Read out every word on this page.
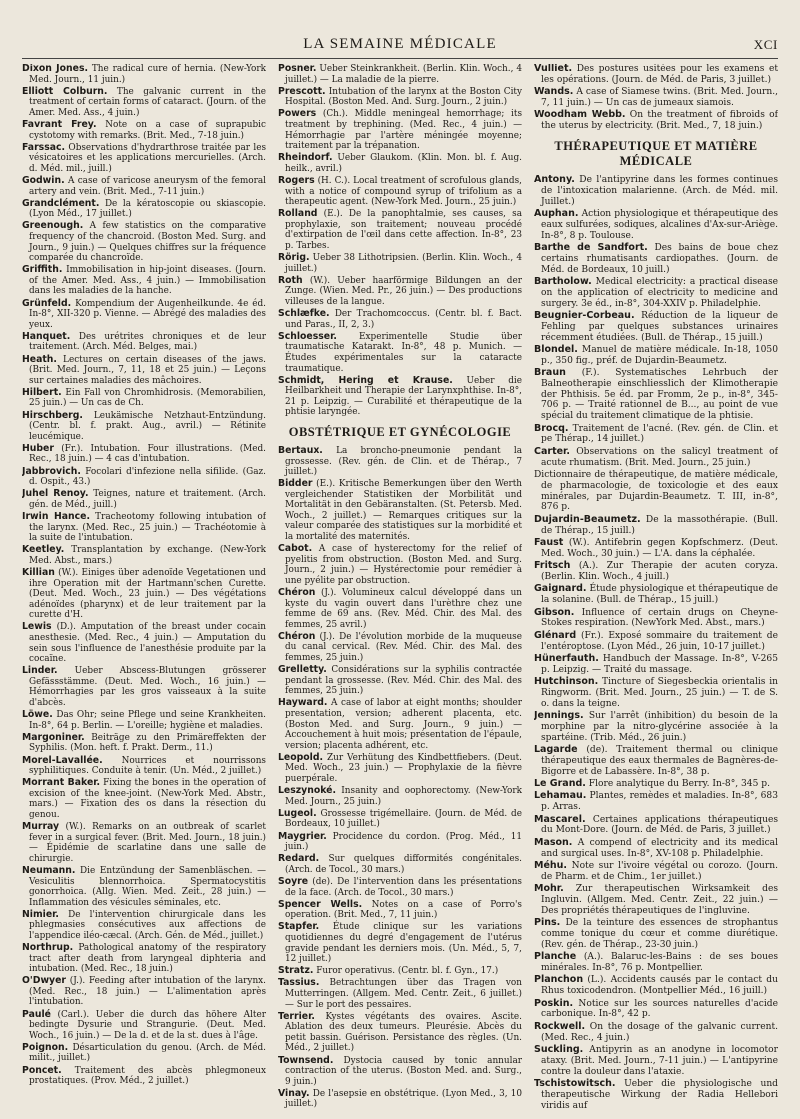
LA SEMAINE MÉDICALE	XCI

Dixon Jones. The radical cure of hernia. (New-York Med. Journ., 11 juin.)

Elliott Colburn. The galvanic current in the treatment of certain forms of cataract. (Journ. of the Amer. Med. Ass., 4 juin.)

Favrant Frey. Note on a case of suprapubic cystotomy with remarks. (Brit. Med., 7-18 juin.)

Farssac. Observations d'hydrarthrose traitée par les vésicatoires et les applications mercurielles. (Arch. d. Méd. mil., juill.)

Godwin. A case of varicose aneurysm of the femoral artery and vein. (Brit. Med., 7-11 juin.)

Grandclément. De la kératoscopie ou skiascopie. (Lyon Méd., 17 juillet.)

Greenough. A few statistics on the comparative frequency of the chancroid. (Boston Med. Surg. and Journ., 9 juin.) — Quelques chiffres sur la fréquence comparée du chancroïde.

Griffith. Immobilisation in hip-joint diseases. (Journ. of the Amer. Med. Ass., 4 juin.) — Immobilisation dans les maladies de la hanche.

Grünfeld. Kompendium der Augenheilkunde. 4e éd. In-8°, XII-320 p. Vienne. — Abrégé des maladies des yeux.

Hanquet. Des urétrites chroniques et de leur traitement. (Arch. Méd. Belges, mai.)

Heath. Lectures on certain diseases of the jaws. (Brit. Med. Journ., 7, 11, 18 et 25 juin.) — Leçons sur certaines maladies des mâchoires.

Hilbert. Ein Fall von Chromhidrosis. (Memorabilien, 25 juin.) — Un cas de Ch.

Hirschberg. Leukämische Netzhaut-Entzündung. (Centr. bl. f. prakt. Aug., avril.) — Rétinite leucémique.

Huber (Fr.). Intubation. Four illustrations. (Med. Rec., 18 juin.) — 4 cas d'intubation.

Jabbrovich. Focolari d'infezione nella sifilide. (Gaz. d. Ospit., 43.)

Juhel Renoy. Teignes, nature et traitement. (Arch. gén. de Méd., juill.)

Irwin Hance. Tracheotomy following intubation of the larynx. (Med. Rec., 25 juin.) — Trachéotomie à la suite de l'intubation.

Keetley. Transplantation by exchange. (New-York Med. Abst., mars.)

Killian (W.). Einiges über adenoïde Vegetationen und ihre Operation mit der Hartmann'schen Curette. (Deut. Med. Woch., 23 juin.) — Des végétations adénoïdes (pharynx) et de leur traitement par la curette d'H.

Lewis (D.). Amputation of the breast under cocain anesthesie. (Med. Rec., 4 juin.) — Amputation du sein sous l'influence de l'anesthésie produite par la cocaïne.

Linder. Ueber Abscess-Blutungen grösserer Gefässstämme. (Deut. Med. Woch., 16 juin.) — Hémorrhagies par les gros vaisseaux à la suite d'abcès.

Löwe. Das Ohr; seine Pflege und seine Krankheiten. In-8°, 64 p. Berlin. — L'oreille; hygiène et maladies.

Margoniner. Beiträge zu den Primäreffekten der Syphilis. (Mon. heft. f. Prakt. Derm., 11.)

Morel-Lavallée. Nourrices et nourrissons syphilitiques. Conduite à tenir. (Un. Méd., 2 juillet.)

Morrant Baker. Fixing the bones in the operation of excision of the knee-joint. (New-York Med. Abstr., mars.) — Fixation des os dans la résection du genou.

Murray (W.). Remarks on an outbreak of scarlet fever in a surgical fever. (Brit. Med. Journ., 18 juin.) — Épidémie de scarlatine dans une salle de chirurgie.

Neumann. Die Entzündung der Samenbläschen. — Vesiculitis blennorrhoica. Spermatocystitis gonorrhoica. (Allg. Wien. Med. Zeit., 28 juin.) — Inflammation des vésicules séminales, etc.

Nimier. De l'intervention chirurgicale dans les phlegmasies consécutives aux affections de l'appendice iléo-cæcal. (Arch. Gén. de Méd., juillet.)

Northrup. Pathological anatomy of the respiratory tract after death from laryngeal diphteria and intubation. (Med. Rec., 18 juin.)

O'Dwyer (J.). Feeding after intubation of the larynx. (Med. Rec., 18 juin.) — L'alimentation après l'intubation.

Paulé (Carl.). Ueber die durch das höhere Alter bedingte Dysurie und Strangurie. (Deut. Med. Woch., 16 juin.) — De la d. et de la st. dues à l'âge.

Poignon. Désarticulation du genou. (Arch. de Méd. milit., juillet.)

Poncet. Traitement des abcès phlegmoneux prostatiques. (Prov. Méd., 2 juillet.)

Posner. Ueber Steinkrankheit. (Berlin. Klin. Woch., 4 juillet.) — La maladie de la pierre.

Prescott. Intubation of the larynx at the Boston City Hospital. (Boston Med. And. Surg. Journ., 2 juin.)

Powers (Ch.). Middle meningeal hemorrhage; its treatment by trephining. (Med. Rec., 4 juin.) — Hémorrhagie par l'artère méningée moyenne; traitement par la trépanation.

Rheindorf. Ueber Glaukom. (Klin. Mon. bl. f. Aug. heilk., avril.)

Rogers (H. C.). Local treatment of scrofulous glands, with a notice of compound syrup of trifolium as a therapeutic agent. (New-York Med. Journ., 25 juin.)

Rolland (E.). De la panophtalmie, ses causes, sa prophylaxie, son traitement; nouveau procédé d'extirpation de l'œil dans cette affection. In-8°, 23 p. Tarbes.

Rörig. Ueber 38 Lithotripsien. (Berlin. Klin. Woch., 4 juillet.)

Roth (W.). Ueber haarförmige Bildungen an der Zunge. (Wien. Med. Pr., 26 juin.) — Des productions villeuses de la langue.

Schlæfke. Der Trachomcoccus. (Centr. bl. f. Bact. und Paras., II, 2, 3.)

Schloesser. Experimentelle Studie über traumatische Katarakt. In-8°, 48 p. Munich. — Études expérimentales sur la cataracte traumatique.

Schmidt, Hering et Krause. Ueber die Heilbarkheit und Therapie der Larynxphthise. In-8°, 21 p. Leipzig. — Curabilité et thérapeutique de la phtisie laryngée.

OBSTÉTRIQUE ET GYNÉCOLOGIE

Bertaux. La broncho-pneumonie pendant la grossesse. (Rev. gén. de Clin. et de Thérap., 7 juillet.)

Bidder (E.). Kritische Bemerkungen über den Werth vergleichender Statistiken der Morbilität und Mortalität in den Gebäranstalten. (St. Petersb. Med. Woch., 2 juillet.) — Remarques critiques sur la valeur comparée des statistiques sur la morbidité et la mortalité des maternités.

Cabot. A case of hysterectomy for the relief of pyelitis from obstruction. (Boston Med. and Surg. Journ., 2 juin.) — Hystérectomie pour remédier à une pyélite par obstruction.

Chéron (J.). Volumineux calcul développé dans un kyste du vagin ouvert dans l'urèthre chez une femme de 69 ans. (Rev. Méd. Chir. des Mal. des femmes, 25 avril.)

Chéron (J.). De l'évolution morbide de la muqueuse du canal cervical. (Rev. Méd. Chir. des Mal. des femmes, 25 juin.)

Grelletty. Considérations sur la syphilis contractée pendant la grossesse. (Rev. Méd. Chir. des Mal. des femmes, 25 juin.)

Hayward. A case of labor at eight months; shoulder presentation, version; adherent placenta, etc. (Boston Med. and Surg. Journ., 9 juin.) — Accouchement à huit mois; présentation de l'épaule, version; placenta adhérent, etc.

Leopold. Zur Verhütung des Kindbettfiebers. (Deut. Med. Woch., 23 juin.) — Prophylaxie de la fièvre puerpérale.

Leszynoké. Insanity and oophorectomy. (New-York Med. Journ., 25 juin.)

Lugeol. Grossesse trigémellaire. (Journ. de Méd. de Bordeaux, 10 juillet.)

Maygrier. Procidence du cordon. (Prog. Méd., 11 juin.)

Redard. Sur quelques difformités congénitales. (Arch. de Tocol., 30 mars.)

Soyre (de). De l'intervention dans les présentations de la face. (Arch. de Tocol., 30 mars.)

Spencer Wells. Notes on a case of Porro's operation. (Brit. Med., 7, 11 juin.)

Stapfer. Étude clinique sur les variations quotidiennes du degré d'engagement de l'utérus gravide pendant les derniers mois. (Un. Méd., 5, 7, 12 juillet.)

Stratz. Furor operativus. (Centr. bl. f. Gyn., 17.)

Tassius. Betrachtungen über das Tragen von Mutterringen. (Allgem. Med. Centr. Zeit., 6 juillet.) — Sur le port des pessaires.

Terrier. Kystes végétants des ovaires. Ascite. Ablation des deux tumeurs. Pleurésie. Abcès du petit bassin. Guérison. Persistance des règles. (Un. Méd., 2 juillet.)

Townsend. Dystocia caused by tonic annular contraction of the uterus. (Boston Med. and. Surg., 9 juin.)

Vinay. De l'asepsie en obstétrique. (Lyon Med., 3, 10 juillet.)

Vulliet. Des postures usitées pour les examens et les opérations. (Journ. de Méd. de Paris, 3 juillet.)

Wands. A case of Siamese twins. (Brit. Med. Journ., 7, 11 juin.) — Un cas de jumeaux siamois.

Woodham Webb. On the treatment of fibroids of the uterus by electricity. (Brit. Med., 7, 18 juin.)

THÉRAPEUTIQUE ET MATIÈRE MÉDICALE

Antony. De l'antipyrine dans les formes continues de l'intoxication malarienne. (Arch. de Méd. mil. Juillet.)

Auphan. Action physiologique et thérapeutique des eaux sulfurées, sodiques, alcalines d'Ax-sur-Ariège. In-8°, 8 p. Toulouse.

Barthe de Sandfort. Des bains de boue chez certains rhumatisants cardiopathes. (Journ. de Méd. de Bordeaux, 10 juill.)

Bartholow. Medical electricity: a practical disease on the application of electricity to medicine and surgery. 3e éd., in-8°, 304-XXIV p. Philadelphie.

Beugnier-Corbeau. Réduction de la liqueur de Fehling par quelques substances urinaires récemment étudiées. (Bull. de Thérap., 15 juill.)

Blondel. Manuel de matière médicale. In-18, 1050 p., 350 fig., préf. de Dujardin-Beaumetz.

Braun (F.). Systematisches Lehrbuch der Balneotherapie einschliesslich der Klimotherapie der Phthisis. 5e éd. par Fromm, 2e p., in-8°, 345-706 p. — Traité rationnel de B..., au point de vue spécial du traitement climatique de la phtisie.

Brocq. Traitement de l'acné. (Rev. gén. de Clin. et pe Thérap., 14 juillet.)

Carter. Observations on the salicyl treatment of acute rhumatism. (Brit. Med. Journ., 25 juin.)

Dictionnaire de thérapeutique, de matière médicale, de pharmacologie, de toxicologie et des eaux minérales, par Dujardin-Beaumetz. T. III, in-8°, 876 p.

Dujardin-Beaumetz. De la massothérapie. (Bull. de Thérap., 15 juill.)

Faust (W.). Antifebrin gegen Kopfschmerz. (Deut. Med. Woch., 30 juin.) — L'A. dans la céphalée.

Fritsch (A.). Zur Therapie der acuten coryza. (Berlin. Klin. Woch., 4 juill.)

Gaignard. Étude physiologique et thérapeutique de la solanine. (Bull. de Thérap., 15 juill.)

Gibson. Influence of certain drugs on Cheyne-Stokes respiration. (NewYork Med. Abst., mars.)

Glénard (Fr.). Exposé sommaire du traitement de l'entéroptose. (Lyon Méd., 26 juin, 10-17 juillet.)

Hünerfauth. Handbuch der Massage. In-8°, V-265 p. Leipzig. — Traité du massage.

Hutchinson. Tincture of Siegesbeckia orientalis in Ringworm. (Brit. Med. Journ., 25 juin.) — T. de S. o. dans la teigne.

Jennings. Sur l'arrêt (inhibition) du besoin de la morphine par la nitro-glycérine associée à la spartéine. (Trib. Méd., 26 juin.)

Lagarde (de). Traitement thermal ou clinique thérapeutique des eaux thermales de Bagnères-de-Bigorre et de Labassère. In-8°, 38 p.

Le Grand. Flore analytique du Berry. In-8°, 345 p.

Lehamau. Plantes, remèdes et maladies. In-8°, 683 p. Arras.

Mascarel. Certaines applications thérapeutiques du Mont-Dore. (Journ. de Méd. de Paris, 3 juillet.)

Mason. A compend of electricity and its medical and surgical uses. In-8°, XV-108 p. Philadelphie.

Méhu. Note sur l'ivoire végétal ou corozo. (Journ. de Pharm. et de Chim., 1er juillet.)

Mohr. Zur therapeutischen Wirksamkeit des Ingluvin. (Allgem. Med. Centr. Zeit., 22 juin.) — Des propriétés thérapeutiques de l'ingluvine.

Pins. De la teinture des essences de strophantus comme tonique du cœur et comme diurétique. (Rev. gén. de Thérap., 23-30 juin.)

Planche (A.). Balaruc-les-Bains : de ses boues minérales. In-8°, 76 p. Montpellier.

Planchon (L.). Accidents causés par le contact du Rhus toxicodendron. (Montpellier Méd., 16 juill.)

Poskin. Notice sur les sources naturelles d'acide carbonique. In-8°, 42 p.

Rockwell. On the dosage of the galvanic current. (Med. Rec., 4 juin.)

Suckling. Antipyrin as an anodyne in locomotor ataxy. (Brit. Med. Journ., 7-11 juin.) — L'antipyrine contre la douleur dans l'ataxie.

Tschistowitsch. Ueber die physiologische und therapeutische Wirkung der Radia Hellebori viridis auf
